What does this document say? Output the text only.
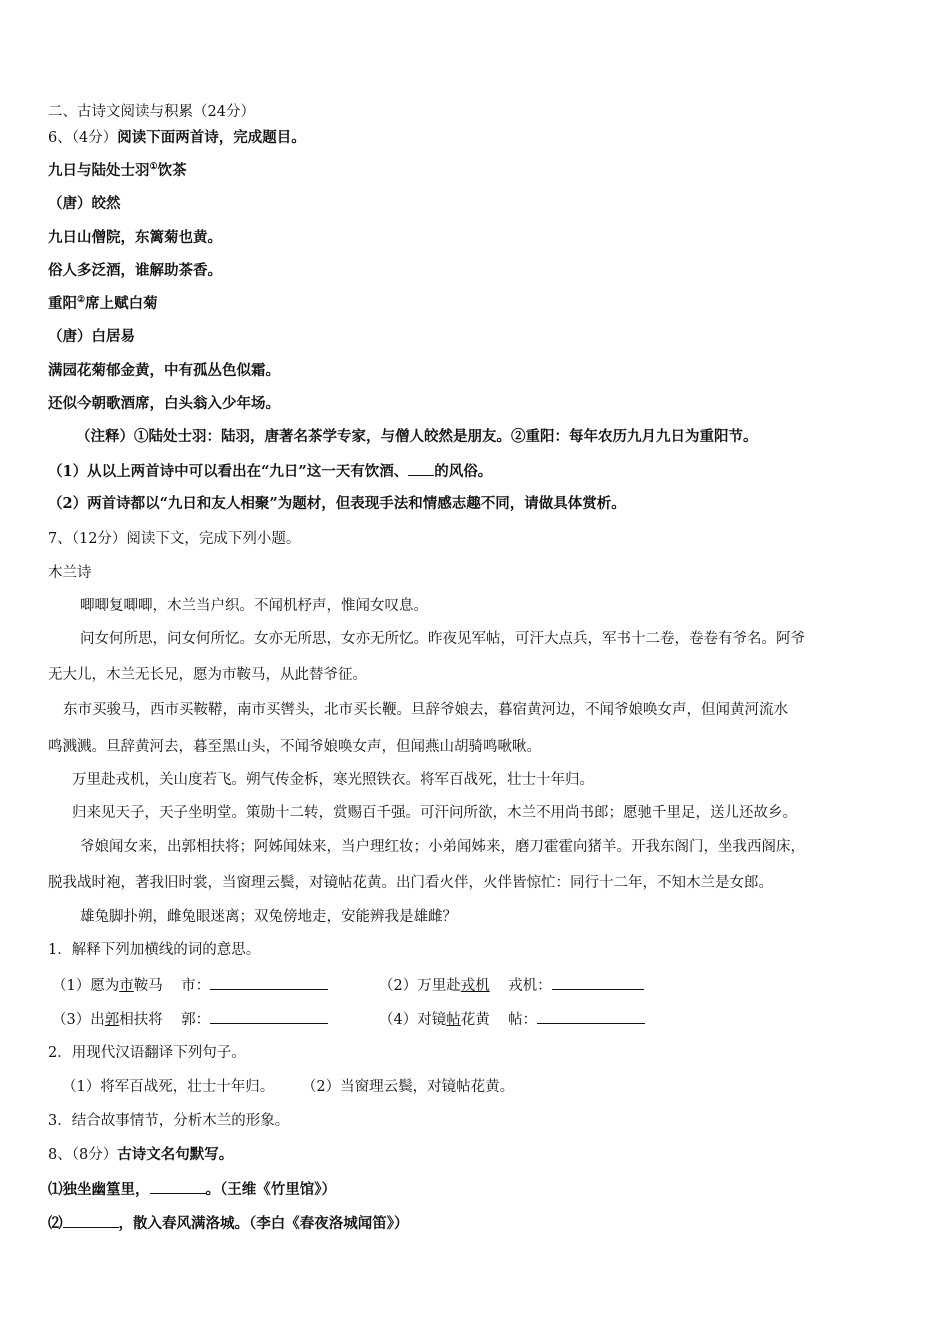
二、古诗文阅读与积累（24分）
6、（4分）阅读下面两首诗，完成题目。
九日与陆处士羽①饮茶
（唐）皎然
九日山僧院，东篱菊也黄。
俗人多泛酒，谁解助茶香。
重阳②席上赋白菊
（唐）白居易
满园花菊郁金黄，中有孤丛色似霜。
还似今朝歌酒席，白头翁入少年场。
（注释）①陆处士羽：陆羽，唐著名茶学专家，与僧人皎然是朋友。②重阳：每年农历九月九日为重阳节。
（1）从以上两首诗中可以看出在“九日”这一天有饮酒、 的风俗。
（2）两首诗都以“九日和友人相聚”为题材，但表现手法和情感志趣不同，请做具体赏析。
7、（12分）阅读下文，完成下列小题。
木兰诗
唧唧复唧唧，木兰当户织。不闻机杼声，惟闻女叹息。
问女何所思，问女何所忆。女亦无所思，女亦无所忆。昨夜见军帖，可汗大点兵，军书十二卷，卷卷有爷名。阿爷
无大儿，木兰无长兄，愿为市鞍马，从此替爷征。
东市买骏马，西市买鞍鞯，南市买辔头，北市买长鞭。旦辞爷娘去，暮宿黄河边，不闻爷娘唤女声，但闻黄河流水
鸣溅溅。旦辞黄河去，暮至黑山头，不闻爷娘唤女声，但闻燕山胡骑鸣啾啾。
万里赴戎机，关山度若飞。朔气传金柝，寒光照铁衣。将军百战死，壮士十年归。
归来见天子，天子坐明堂。策勋十二转，赏赐百千强。可汗问所欲，木兰不用尚书郎；愿驰千里足，送儿还故乡。
爷娘闻女来，出郭相扶将；阿姊闻妹来，当户理红妆；小弟闻姊来，磨刀霍霍向猪羊。开我东阁门，坐我西阁床，
脱我战时袍，著我旧时裳，当窗理云鬓，对镜帖花黄。出门看火伴，火伴皆惊忙：同行十二年，不知木兰是女郎。
雄兔脚扑朔，雌兔眼迷离；双兔傍地走，安能辨我是雄雌？
1．解释下列加横线的词的意思。
（1）愿为市鞍马 市：	（2）万里赴戎机 戎机：
（3）出郭相扶将 郭：	（4）对镜帖花黄 帖：
2．用现代汉语翻译下列句子。
（1）将军百战死，壮士十年归。 （2）当窗理云鬓，对镜帖花黄。
3．结合故事情节，分析木兰的形象。
8、（8分）古诗文名句默写。
⑴独坐幽篁里，	。（王维《竹里馆》）
⑵	，散入春风满洛城。（李白《春夜洛城闻笛》）
